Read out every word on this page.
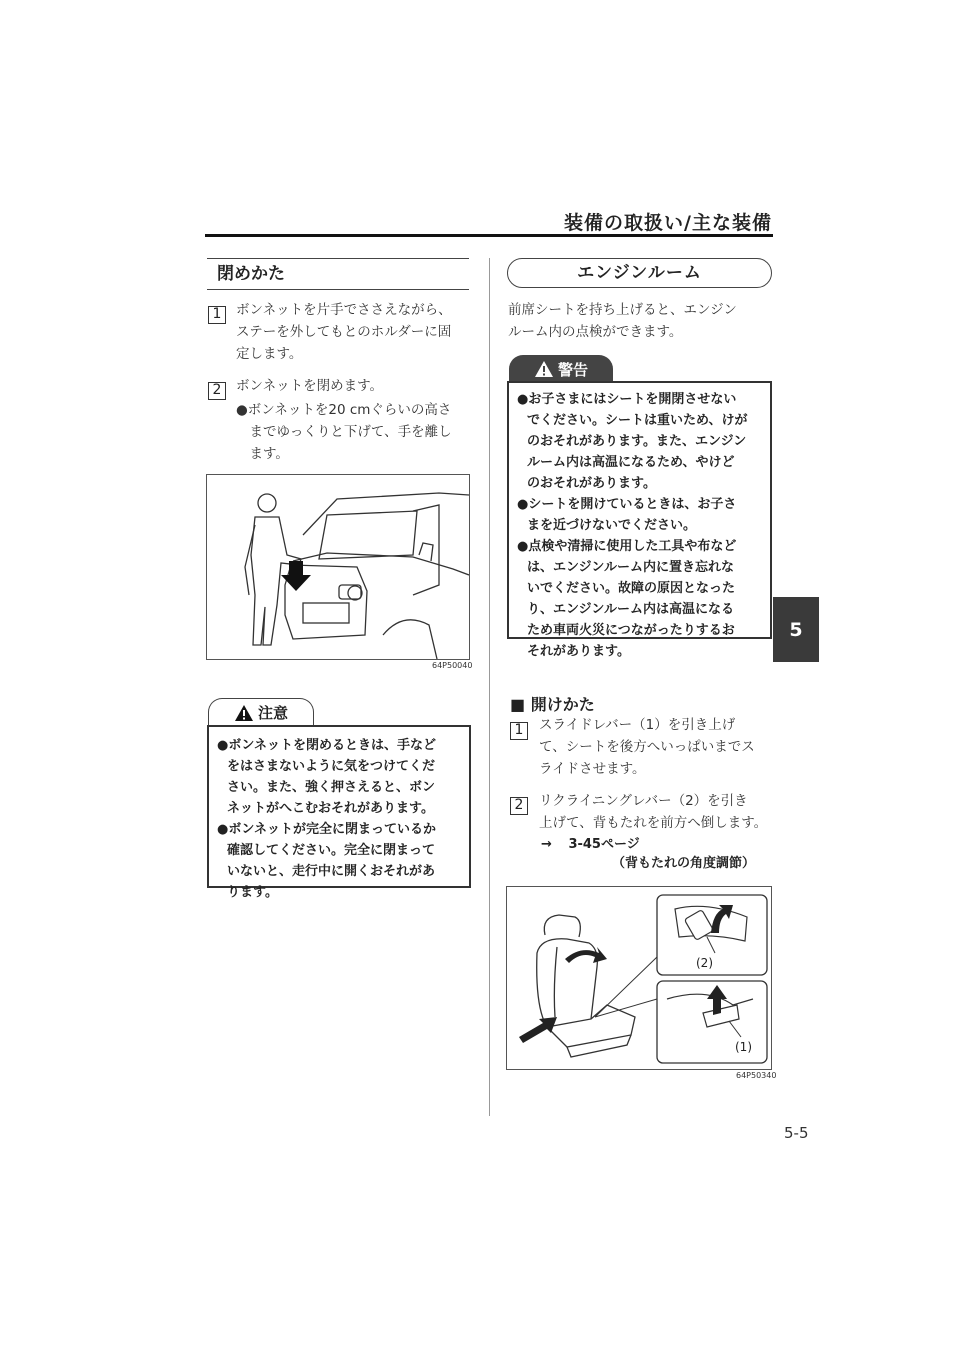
装備の取扱い/主な装備
5
閉めかた
1	ボンネットを片手でささえながら、
ステーを外してもとのホルダーに固
定します。
2	ボンネットを閉めます。
●ボンネットを20 cmぐらいの高さ
　までゆっくりと下げて、手を離し
　ます。
64P50040
注意
●ボンネットを閉めるときは、手など
をはさまないように気をつけてくだ
さい。また、強く押さえると、ボン
ネットがへこむおそれがあります。
●ボンネットが完全に閉まっているか
確認してください。完全に閉まって
いないと、走行中に開くおそれがあ
ります。
エンジンルーム
前席シートを持ち上げると、エンジン
ルーム内の点検ができます。
警告
●お子さまにはシートを開閉させない
でください。シートは重いため、けが
のおそれがあります。また、エンジン
ルーム内は高温になるため、やけど
のおそれがあります。
●シートを開けているときは、お子さ
まを近づけないでください。
●点検や清掃に使用した工具や布など
は、エンジンルーム内に置き忘れな
いでください。故障の原因となった
り、エンジンルーム内は高温になる
ため車両火災につながったりするお
それがあります。
■ 開けかた
1	スライドレバー（1）を引き上げ
て、シートを後方へいっぱいまでス
ライドさせます。
2	リクライニングレバー（2）を引き
上げて、背もたれを前方へ倒します。
→ 3-45ページ
（背もたれの角度調節）
(2)
(1)
64P50340
5-5
